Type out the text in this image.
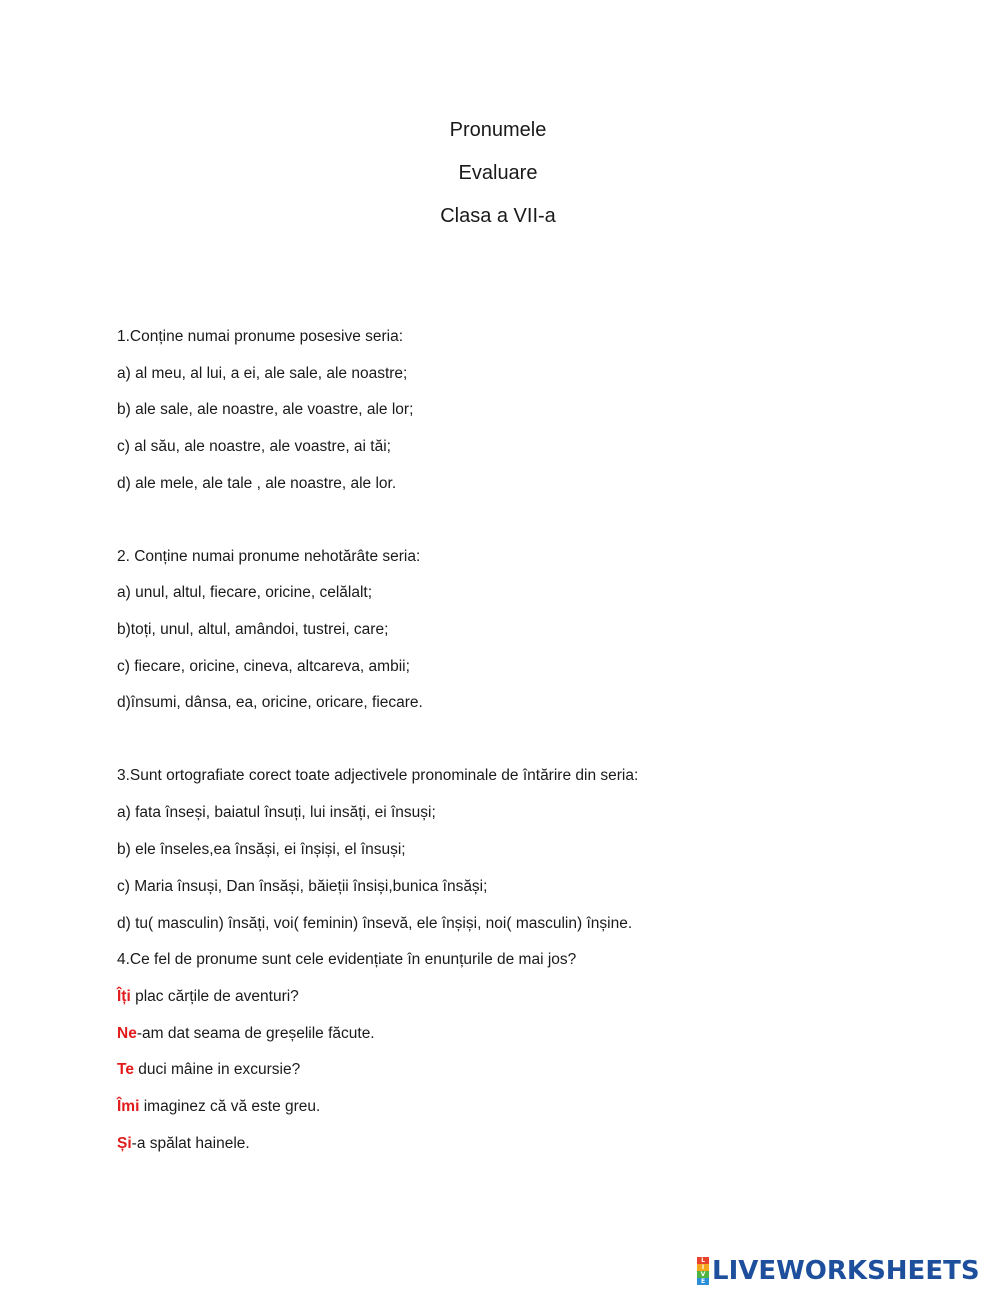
Pronumele
Evaluare
Clasa a VII-a
1.Conține numai pronume posesive seria:
a) al meu, al lui, a ei, ale sale, ale noastre;
b) ale sale, ale noastre, ale voastre, ale lor;
c) al său, ale noastre, ale voastre, ai tăi;
d) ale mele, ale tale , ale noastre, ale lor.
2. Conține numai pronume nehotărâte seria:
a) unul, altul, fiecare, oricine, celălalt;
b)toți, unul, altul, amândoi, tustrei, care;
c) fiecare, oricine, cineva, altcareva, ambii;
d)însumi, dânsa, ea, oricine, oricare, fiecare.
3.Sunt ortografiate corect toate adjectivele pronominale de întărire din seria:
a) fata înseși, baiatul însuți, lui insăți, ei însuși;
b) ele înseles,ea însăși, ei înșiși, el însuși;
c) Maria însuși, Dan însăși, băieții însiși,bunica însăși;
d) tu( masculin) însăți, voi( feminin) însevă, ele înșiși, noi( masculin) înșine.
4.Ce fel de pronume sunt cele evidențiate în enunțurile de mai jos?
Îți plac cărțile de aventuri?
Ne-am dat seama de greșelile făcute.
Te duci mâine in excursie?
Îmi imaginez că vă este greu.
Și-a spălat hainele.
L
I
V
E LIVEWORKSHEETS
